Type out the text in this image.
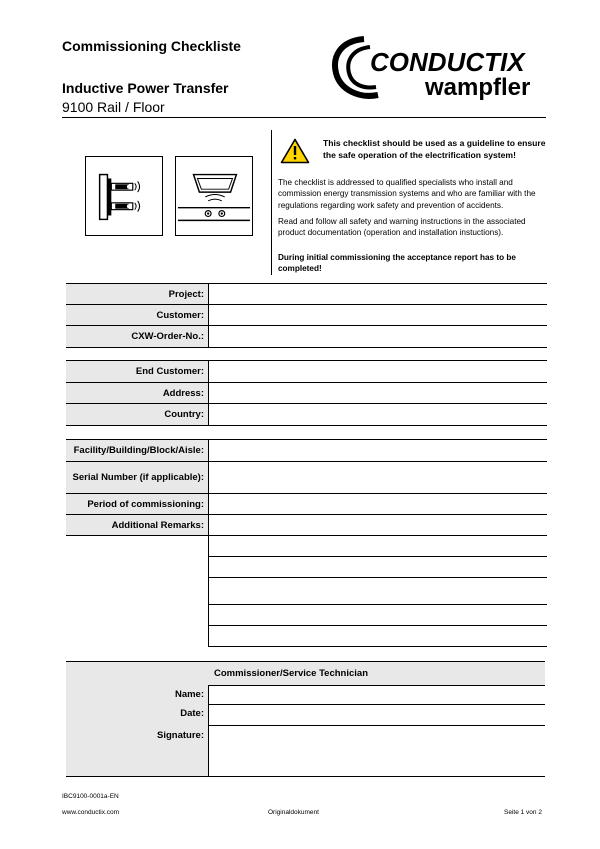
Commissioning Checkliste
Inductive Power Transfer
9100 Rail / Floor
CONDUCTIX
wampfler
This checklist should be used as a guideline to ensure the safe operation of the electrification system!
The checklist is addressed to qualified specialists who install and commission energy transmission systems and who are familiar with the regulations regarding work safety and prevention of accidents.
Read and follow all safety and warning instructions in the associated product documentation (operation and installation instuctions).
During initial commissioning the acceptance report has to be completed!
Project:
Customer:
CXW-Order-No.:
End Customer:
Address:
Country:
Facility/Building/Block/Aisle:
Serial Number (if applicable):
Period of commissioning:
Additional Remarks:
Commissioner/Service Technician
Name:
Date:
Signature:
IBC9100-0001a-EN
www.conductix.com	Originaldokument	Seite 1 von 2
